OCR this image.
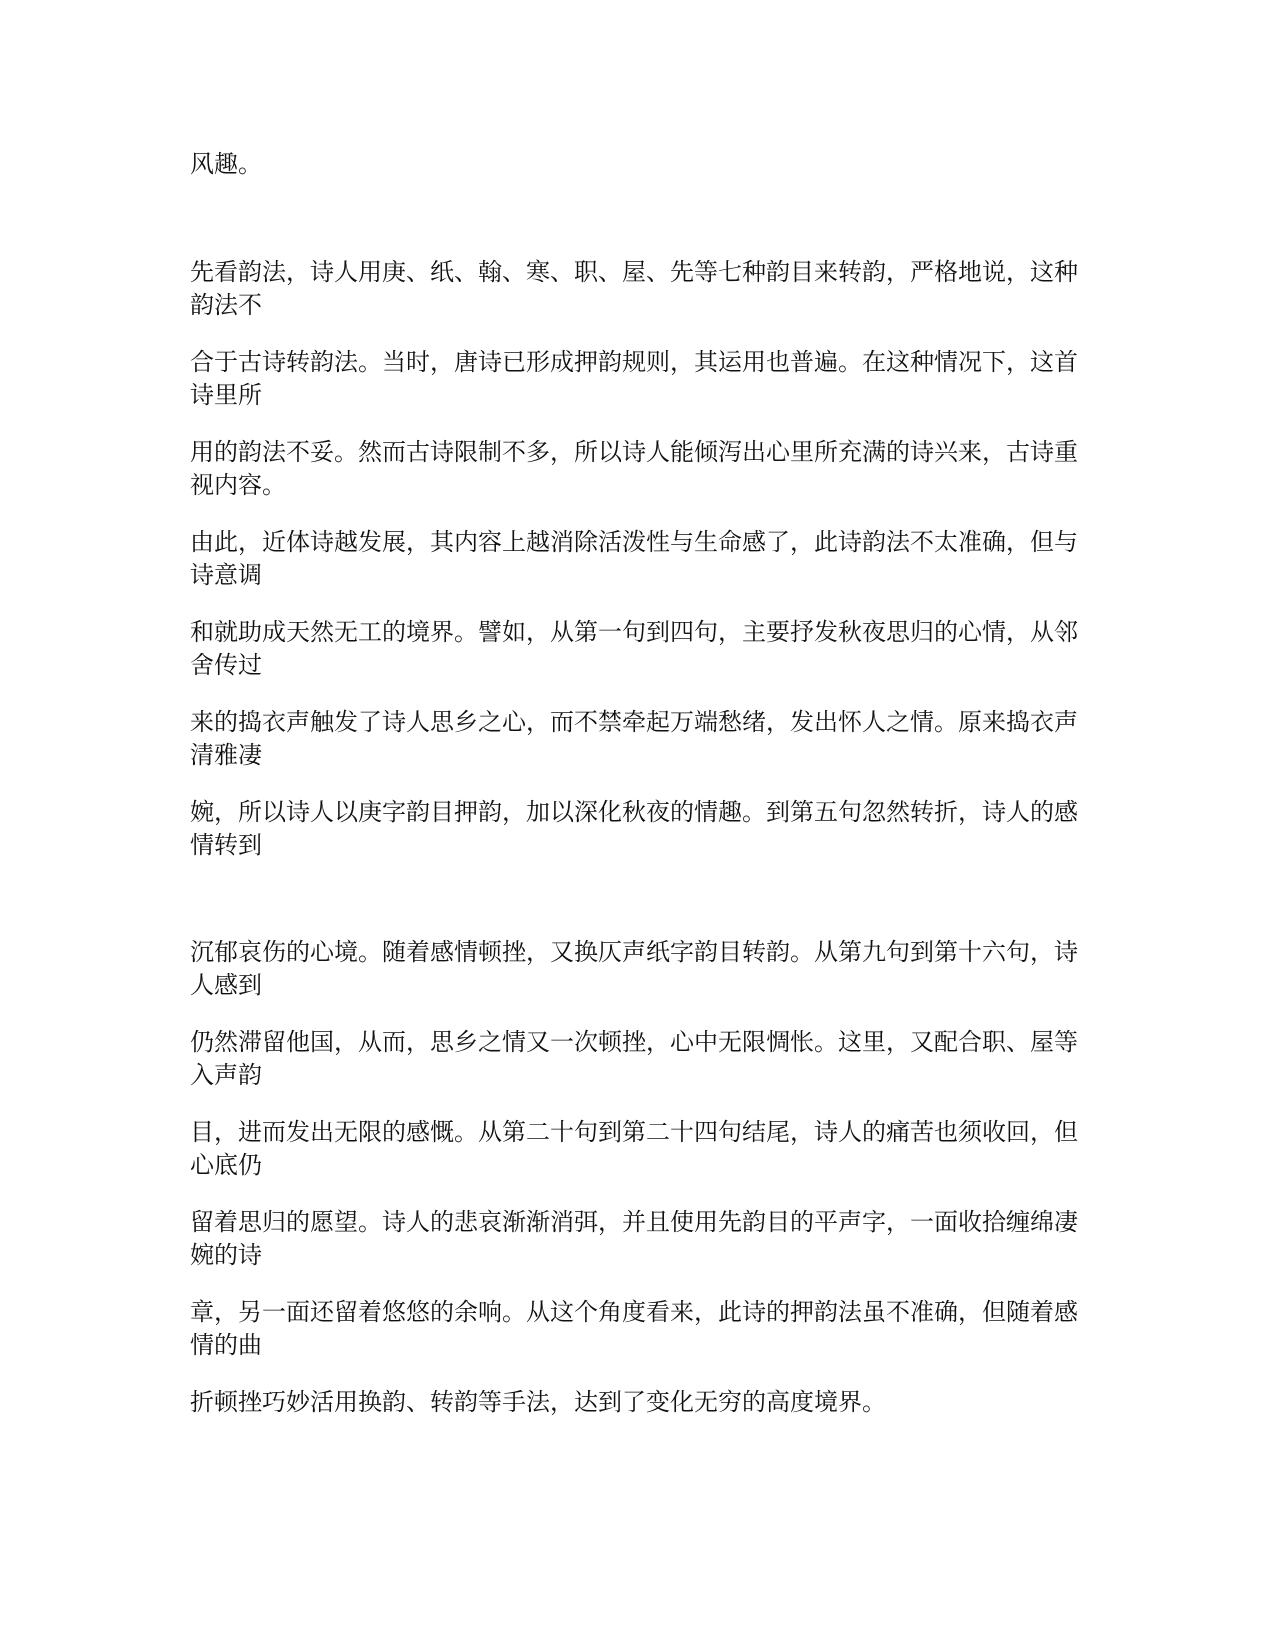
风趣。

先看韵法，诗人用庚、纸、翰、寒、职、屋、先等七种韵目来转韵，严格地说，这种韵法不

合于古诗转韵法。当时，唐诗已形成押韵规则，其运用也普遍。在这种情况下，这首诗里所

用的韵法不妥。然而古诗限制不多，所以诗人能倾泻出心里所充满的诗兴来，古诗重视内容。

由此，近体诗越发展，其内容上越消除活泼性与生命感了，此诗韵法不太准确，但与诗意调

和就助成天然无工的境界。譬如，从第一句到四句，主要抒发秋夜思归的心情，从邻舍传过

来的捣衣声触发了诗人思乡之心，而不禁牵起万端愁绪，发出怀人之情。原来捣衣声清雅凄

婉，所以诗人以庚字韵目押韵，加以深化秋夜的情趣。到第五句忽然转折，诗人的感情转到

沉郁哀伤的心境。随着感情顿挫，又换仄声纸字韵目转韵。从第九句到第十六句，诗人感到

仍然滞留他国，从而，思乡之情又一次顿挫，心中无限惆怅。这里，又配合职、屋等入声韵

目，进而发出无限的感慨。从第二十句到第二十四句结尾，诗人的痛苦也须收回，但心底仍

留着思归的愿望。诗人的悲哀渐渐消弭，并且使用先韵目的平声字，一面收拾缠绵凄婉的诗

章，另一面还留着悠悠的余响。从这个角度看来，此诗的押韵法虽不准确，但随着感情的曲

折顿挫巧妙活用换韵、转韵等手法，达到了变化无穷的高度境界。
